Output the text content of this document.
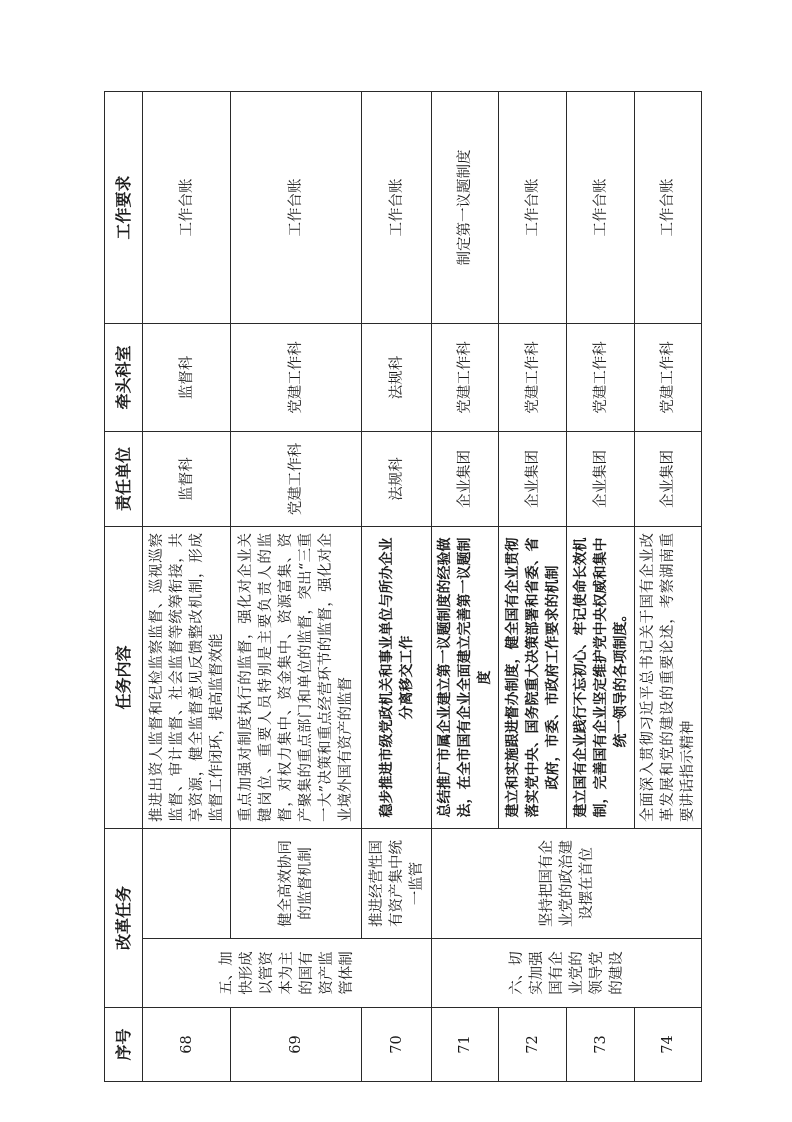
序号	改革任务		任务内容	责任单位	牵头科室	工作要求
68	五、加快形成以管资本为主的国有资产监管体制		推进出资人监督和纪检监察监督、巡视巡察监督、审计监督、社会监督等统筹衔接，共享资源，健全监督意见反馈整改机制，形成监督工作闭环，提高监督效能	监督科	监督科	工作台账
69		健全高效协同的监督机制	重点加强对制度执行的监督，强化对企业关键岗位、重要人员特别是主要负责人的监督，对权力集中、资金集中、资源富集、资产聚集的重点部门和单位的监督，突出“三重一大”决策和重点经营环节的监督，强化对企业境外国有资产的监督	党建工作科	党建工作科	工作台账
70		推进经营性国有资产集中统一监管	稳步推进市级党政机关和事业单位与所办企业分离移交工作	法规科	法规科	工作台账
71	六、切实加强国有企业党的领导党的建设	坚持把国有企业党的政治建设摆在首位	总结推广市属企业建立第一议题制度的经验做法，在全市国有企业全面建立完善第一议题制度	企业集团	党建工作科	制定第一议题制度
72			建立和实施跟进督办制度，健全国有企业贯彻落实党中央、国务院重大决策部署和省委、省政府，市委、市政府工作要求的机制	企业集团	党建工作科	工作台账
73			建立国有企业践行不忘初心、牢记使命长效机制，完善国有企业坚定维护党中央权威和集中统一领导的各项制度。	企业集团	党建工作科	工作台账
74			全面深入贯彻习近平总书记关于国有企业改革发展和党的建设的重要论述，考察湖南重要讲话指示精神	企业集团	党建工作科	工作台账
